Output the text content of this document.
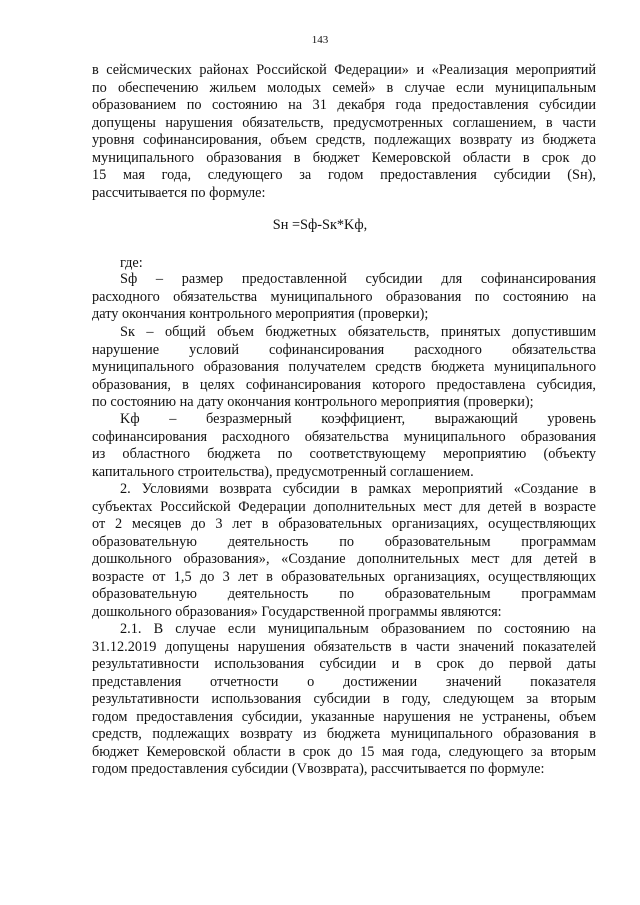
143
в сейсмических районах Российской Федерации» и «Реализация мероприятий
по обеспечению жильем молодых семей» в случае если муниципальным
образованием по состоянию на 31 декабря года предоставления субсидии
допущены нарушения обязательств, предусмотренных соглашением, в части
уровня софинансирования, объем средств, подлежащих возврату из бюджета
муниципального образования в бюджет Кемеровской области в срок до
15 мая года, следующего за годом предоставления субсидии (Sн),
рассчитывается по формуле:
Sн =Sф-Sк*Kф,
где:
Sф – размер предоставленной субсидии для софинансирования
расходного обязательства муниципального образования по состоянию на
дату окончания контрольного мероприятия (проверки);
Sк – общий объем бюджетных обязательств, принятых допустившим
нарушение условий софинансирования расходного обязательства
муниципального образования получателем средств бюджета муниципального
образования, в целях софинансирования которого предоставлена субсидия,
по состоянию на дату окончания контрольного мероприятия (проверки);
Kф – безразмерный коэффициент, выражающий уровень
софинансирования расходного обязательства муниципального образования
из областного бюджета по соответствующему мероприятию (объекту
капитального строительства), предусмотренный соглашением.
2. Условиями возврата субсидии в рамках мероприятий «Создание в
субъектах Российской Федерации дополнительных мест для детей в возрасте
от 2 месяцев до 3 лет в образовательных организациях, осуществляющих
образовательную деятельность по образовательным программам
дошкольного образования», «Создание дополнительных мест для детей в
возрасте от 1,5 до 3 лет в образовательных организациях, осуществляющих
образовательную деятельность по образовательным программам
дошкольного образования» Государственной программы являются:
2.1. В случае если муниципальным образованием по состоянию на
31.12.2019 допущены нарушения обязательств в части значений показателей
результативности использования субсидии и в срок до первой даты
представления отчетности о достижении значений показателя
результативности использования субсидии в году, следующем за вторым
годом предоставления субсидии, указанные нарушения не устранены, объем
средств, подлежащих возврату из бюджета муниципального образования в
бюджет Кемеровской области в срок до 15 мая года, следующего за вторым
годом предоставления субсидии (Vвозврата), рассчитывается по формуле:
